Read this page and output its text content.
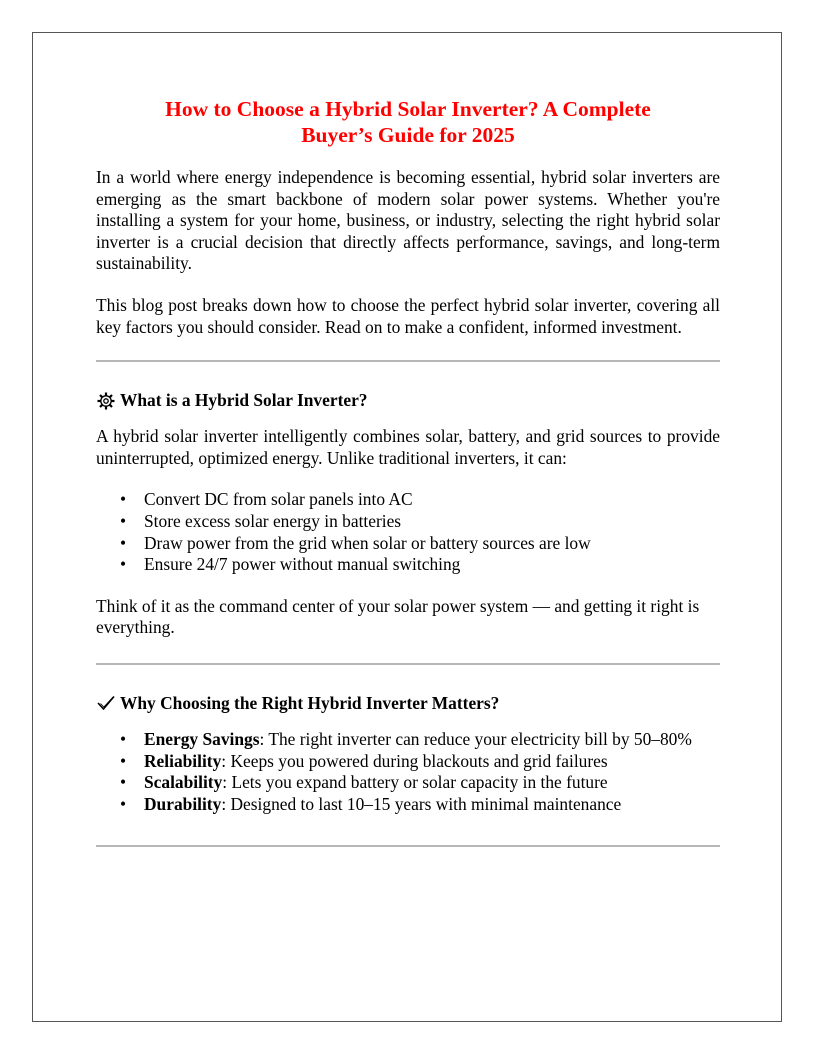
How to Choose a Hybrid Solar Inverter? A Complete Buyer’s Guide for 2025

In a world where energy independence is becoming essential, hybrid solar inverters are emerging as the smart backbone of modern solar power systems. Whether you're installing a system for your home, business, or industry, selecting the right hybrid solar inverter is a crucial decision that directly affects performance, savings, and long-term sustainability.

This blog post breaks down how to choose the perfect hybrid solar inverter, covering all key factors you should consider. Read on to make a confident, informed investment.

What is a Hybrid Solar Inverter?

A hybrid solar inverter intelligently combines solar, battery, and grid sources to provide uninterrupted, optimized energy. Unlike traditional inverters, it can:

• Convert DC from solar panels into AC
• Store excess solar energy in batteries
• Draw power from the grid when solar or battery sources are low
• Ensure 24/7 power without manual switching

Think of it as the command center of your solar power system — and getting it right is everything.

Why Choosing the Right Hybrid Inverter Matters?
• Energy Savings: The right inverter can reduce your electricity bill by 50–80%
• Reliability: Keeps you powered during blackouts and grid failures
• Scalability: Lets you expand battery or solar capacity in the future
• Durability: Designed to last 10–15 years with minimal maintenance
